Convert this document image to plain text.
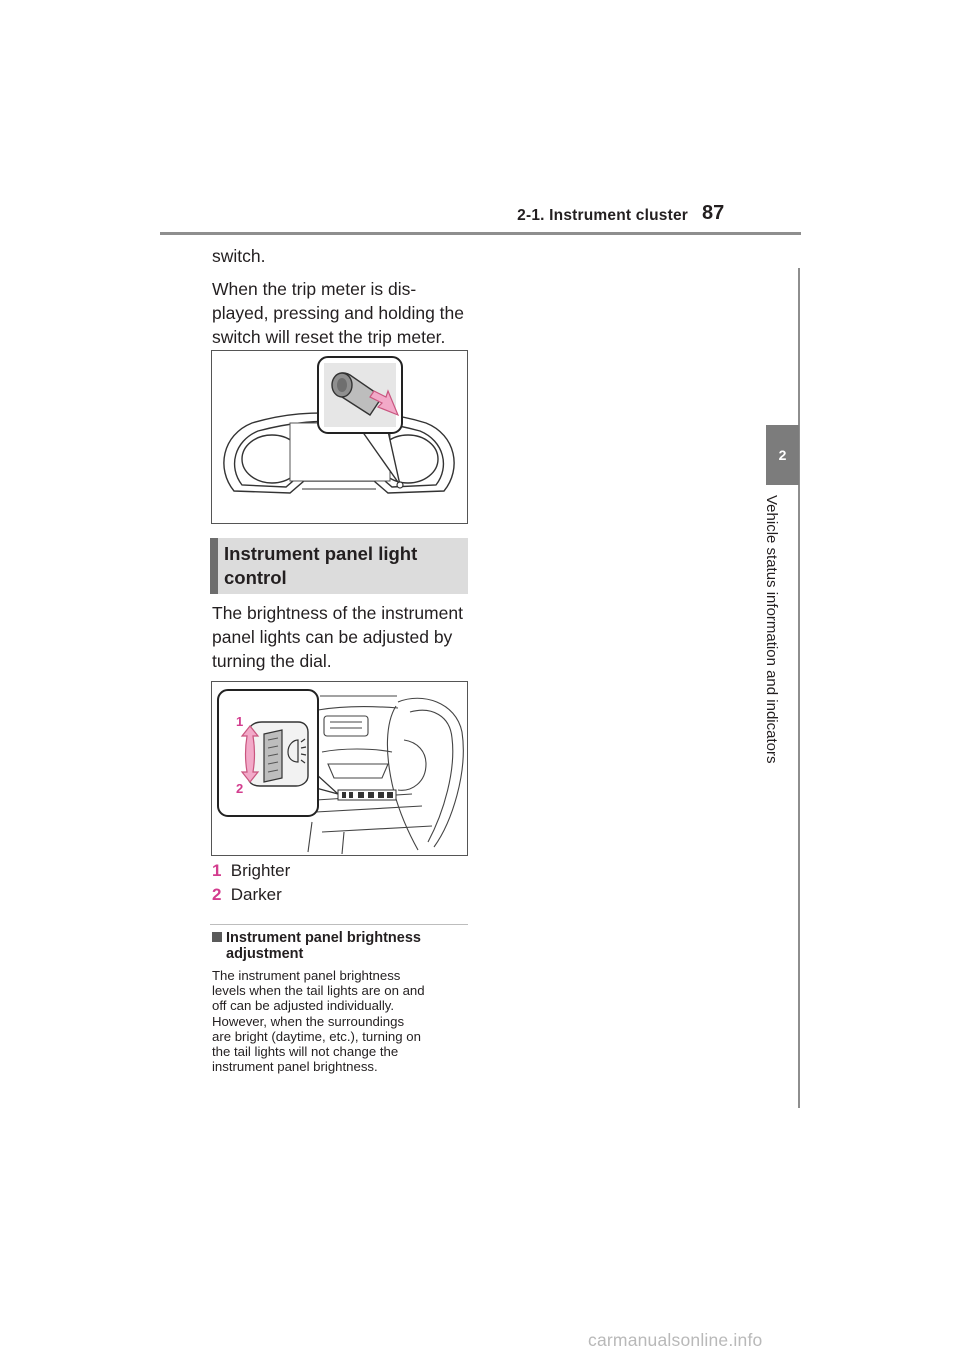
2-1. Instrument cluster 87
2
Vehicle status information and indicators
switch.
When the trip meter is dis-
played, pressing and holding the
switch will reset the trip meter.
Instrument panel light
control
The brightness of the instrument
panel lights can be adjusted by
turning the dial.
1
2
1 Brighter
2 Darker
Instrument panel brightness
adjustment
The instrument panel brightness
levels when the tail lights are on and
off can be adjusted individually.
However, when the surroundings
are bright (daytime, etc.), turning on
the tail lights will not change the
instrument panel brightness.
carmanualsonline.info
